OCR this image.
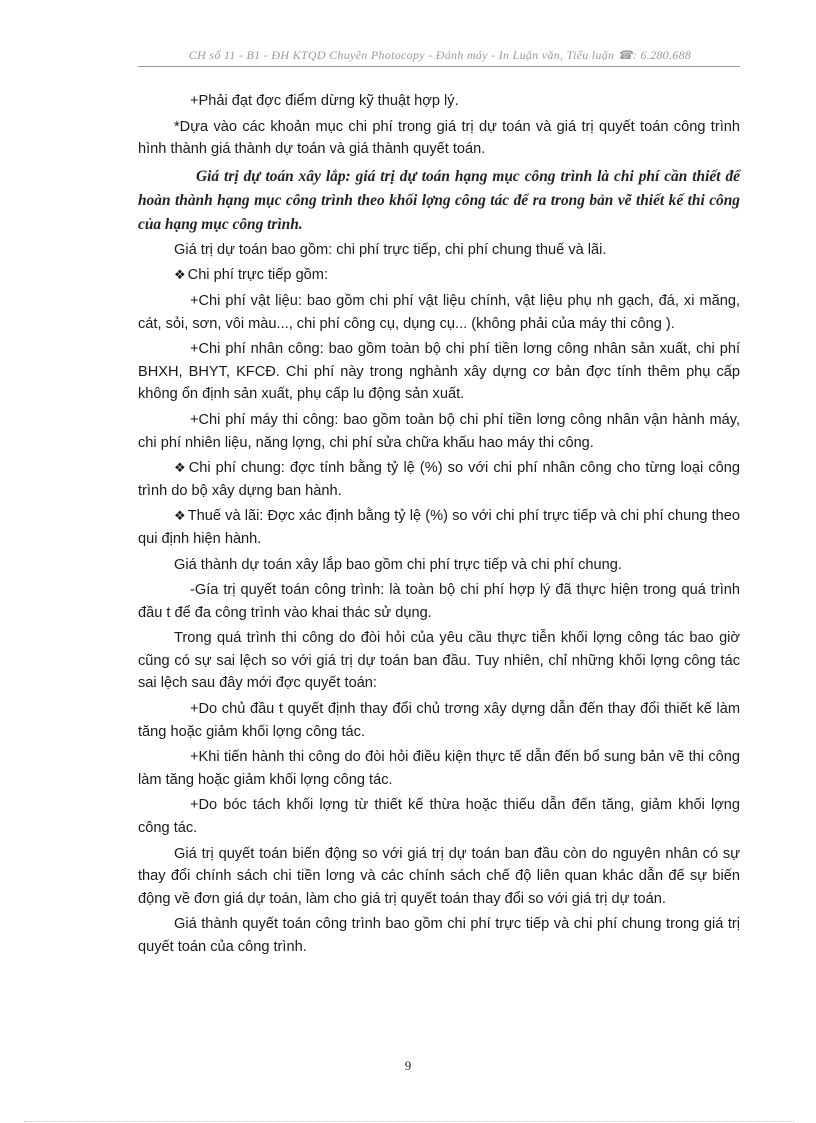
CH số 11 - B1 - ĐH KTQD Chuyên Photocopy - Đánh máy - In Luận văn, Tiểu luận ☎: 6.280.688

+Phải đạt đợc điểm dừng kỹ thuật hợp lý.

*Dựa vào các khoản mục chi phí trong giá trị dự toán và giá trị quyết toán công trình hình thành giá thành dự toán và giá thành quyết toán.

Giá trị dự toán xây lắp: giá trị dự toán hạng mục công trình là chi phí cần thiết để hoàn thành hạng mục công trình theo khối lợng công tác để ra trong bản vẽ thiết kế thi công của hạng mục công trình.

Giá trị dự toán bao gồm: chi phí trực tiếp, chi phí chung thuế và lãi.

❖ Chi phí trực tiếp gồm:

+Chi phí vật liệu: bao gồm chi phí vật liệu chính, vật liệu phụ nh gạch, đá, xi măng, cát, sỏi, sơn, vôi màu..., chi phí công cụ, dụng cụ... (không phải của máy thi công ).

+Chi phí nhân công: bao gồm toàn bộ chi phí tiền lơng công nhân sản xuất, chi phí BHXH, BHYT, KFCĐ. Chi phí này trong nghành xây dựng cơ bản đợc tính thêm phụ cấp không ổn định sản xuất, phụ cấp lu động sản xuất.

+Chi phí máy thi công: bao gồm toàn bộ chi phí tiền lơng công nhân vận hành máy, chi phí nhiên liệu, năng lợng, chi phí sửa chữa khấu hao máy thi công.

❖ Chi phí chung: đợc tính bằng tỷ lệ (%) so với chi phí nhân công cho từng loại công trình do bộ xây dựng ban hành.

❖ Thuế và lãi: Đợc xác định bằng tỷ lệ (%) so với chi phí trực tiếp và chi phí chung theo qui định hiện hành.

Giá thành dự toán xây lắp bao gồm chi phí trực tiếp và chi phí chung.

-Gía trị quyết toán công trình: là toàn bộ chi phí hợp lý đã thực hiện trong quá trình đầu t để đa công trình vào khai thác sử dụng.

Trong quá trình thi công do đòi hỏi của yêu cầu thực tiễn khối lợng công tác bao giờ cũng có sự sai lệch so với giá trị dự toán ban đầu. Tuy nhiên, chỉ những khối lợng công tác sai lệch sau đây mới đợc quyết toán:

+Do chủ đầu t quyết định thay đổi chủ trơng xây dựng dẫn đến thay đổi thiết kế làm tăng hoặc giảm khối lợng công tác.

+Khi tiến hành thi công do đòi hỏi điều kiện thực tế dẫn đến bổ sung bản vẽ thi công làm tăng hoặc giảm khối lợng công tác.

+Do bóc tách khối lợng từ thiết kế thừa hoặc thiếu dẫn đến tăng, giảm khối lợng công tác.

Giá trị quyết toán biến động so với giá trị dự toán ban đầu còn do nguyên nhân có sự thay đổi chính sách chi tiền lơng và các chính sách chế độ liên quan khác dẫn đế sự biến động về đơn giá dự toán, làm cho giá trị quyết toán thay đổi so với giá trị dự toán.

Giá thành quyết toán công trình bao gồm chi phí trực tiếp và chi phí chung trong giá trị quyết toán của công trình.

9
